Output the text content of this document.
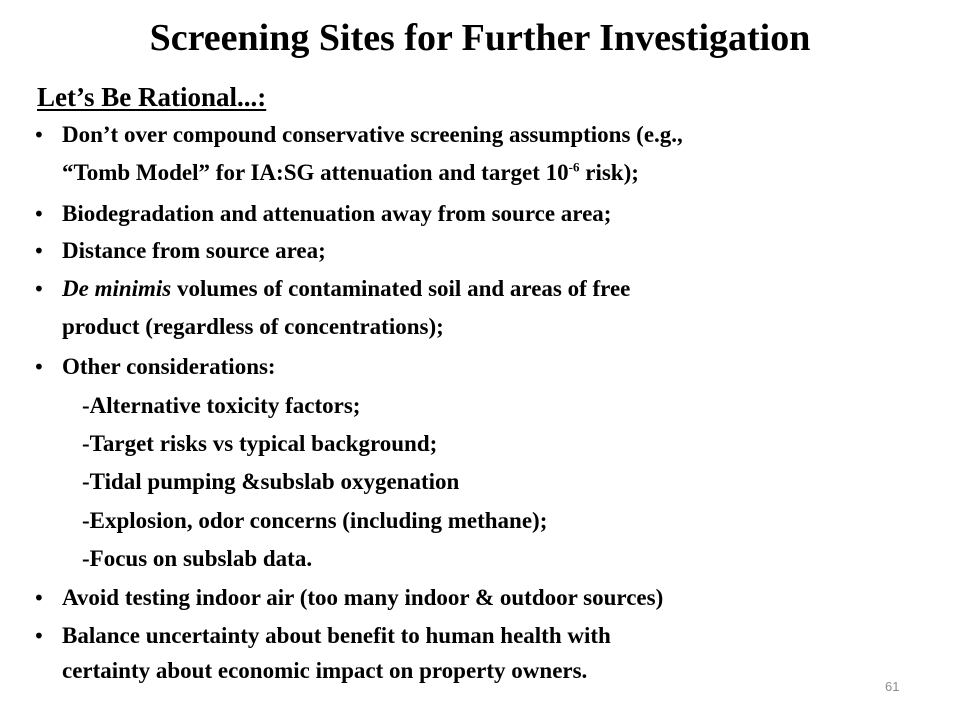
Screening Sites for Further Investigation
Let’s Be Rational...:
• Don’t over compound conservative screening assumptions (e.g.,
“Tomb Model” for IA:SG attenuation and target $10^{-6}$ risk);
• Biodegradation and attenuation away from source area;
• Distance from source area;
• De minimis volumes of contaminated soil and areas of free
product (regardless of concentrations);
• Other considerations:
-Alternative toxicity factors;
-Target risks vs typical background;
-Tidal pumping &subslab oxygenation
-Explosion, odor concerns (including methane);
-Focus on subslab data.
• Avoid testing indoor air (too many indoor & outdoor sources)
• Balance uncertainty about benefit to human health with
certainty about economic impact on property owners.
61
